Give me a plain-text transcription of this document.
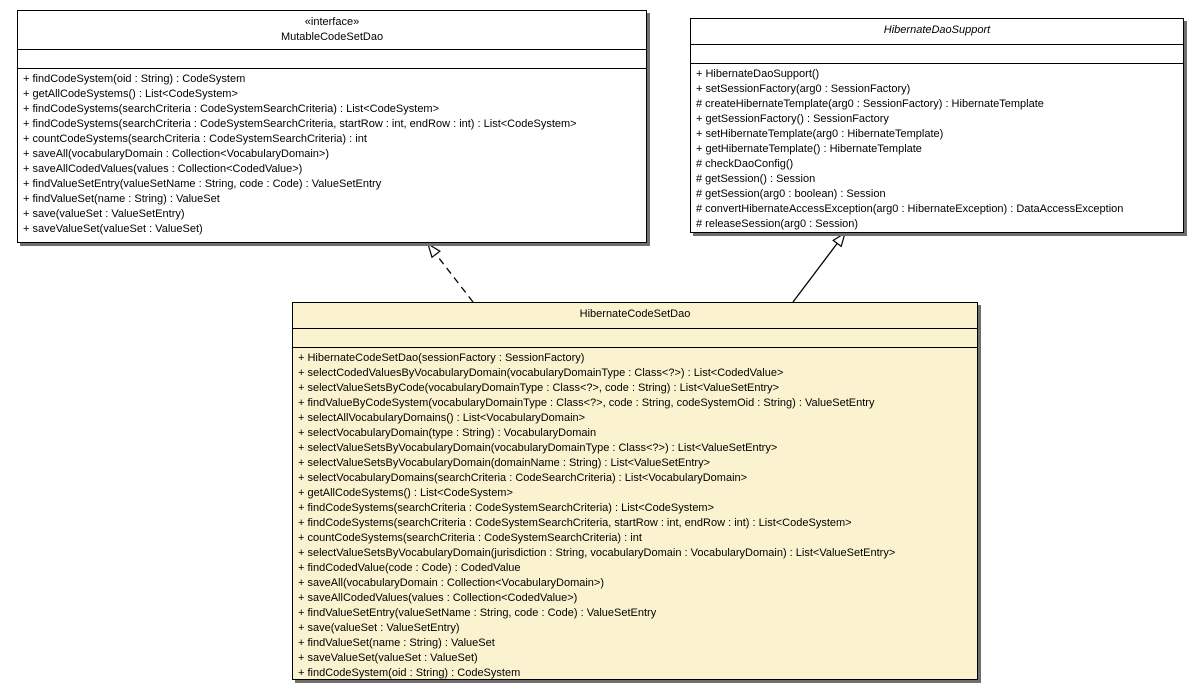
«interface»
MutableCodeSetDao
+ findCodeSystem(oid : String) : CodeSystem
+ getAllCodeSystems() : List<CodeSystem>
+ findCodeSystems(searchCriteria : CodeSystemSearchCriteria) : List<CodeSystem>
+ findCodeSystems(searchCriteria : CodeSystemSearchCriteria, startRow : int, endRow : int) : List<CodeSystem>
+ countCodeSystems(searchCriteria : CodeSystemSearchCriteria) : int
+ saveAll(vocabularyDomain : Collection<VocabularyDomain>)
+ saveAllCodedValues(values : Collection<CodedValue>)
+ findValueSetEntry(valueSetName : String, code : Code) : ValueSetEntry
+ findValueSet(name : String) : ValueSet
+ save(valueSet : ValueSetEntry)
+ saveValueSet(valueSet : ValueSet)
HibernateDaoSupport
+ HibernateDaoSupport()
+ setSessionFactory(arg0 : SessionFactory)
# createHibernateTemplate(arg0 : SessionFactory) : HibernateTemplate
+ getSessionFactory() : SessionFactory
+ setHibernateTemplate(arg0 : HibernateTemplate)
+ getHibernateTemplate() : HibernateTemplate
# checkDaoConfig()
# getSession() : Session
# getSession(arg0 : boolean) : Session
# convertHibernateAccessException(arg0 : HibernateException) : DataAccessException
# releaseSession(arg0 : Session)
HibernateCodeSetDao
+ HibernateCodeSetDao(sessionFactory : SessionFactory)
+ selectCodedValuesByVocabularyDomain(vocabularyDomainType : Class<?>) : List<CodedValue>
+ selectValueSetsByCode(vocabularyDomainType : Class<?>, code : String) : List<ValueSetEntry>
+ findValueByCodeSystem(vocabularyDomainType : Class<?>, code : String, codeSystemOid : String) : ValueSetEntry
+ selectAllVocabularyDomains() : List<VocabularyDomain>
+ selectVocabularyDomain(type : String) : VocabularyDomain
+ selectValueSetsByVocabularyDomain(vocabularyDomainType : Class<?>) : List<ValueSetEntry>
+ selectValueSetsByVocabularyDomain(domainName : String) : List<ValueSetEntry>
+ selectVocabularyDomains(searchCriteria : CodeSearchCriteria) : List<VocabularyDomain>
+ getAllCodeSystems() : List<CodeSystem>
+ findCodeSystems(searchCriteria : CodeSystemSearchCriteria) : List<CodeSystem>
+ findCodeSystems(searchCriteria : CodeSystemSearchCriteria, startRow : int, endRow : int) : List<CodeSystem>
+ countCodeSystems(searchCriteria : CodeSystemSearchCriteria) : int
+ selectValueSetsByVocabularyDomain(jurisdiction : String, vocabularyDomain : VocabularyDomain) : List<ValueSetEntry>
+ findCodedValue(code : Code) : CodedValue
+ saveAll(vocabularyDomain : Collection<VocabularyDomain>)
+ saveAllCodedValues(values : Collection<CodedValue>)
+ findValueSetEntry(valueSetName : String, code : Code) : ValueSetEntry
+ save(valueSet : ValueSetEntry)
+ findValueSet(name : String) : ValueSet
+ saveValueSet(valueSet : ValueSet)
+ findCodeSystem(oid : String) : CodeSystem
